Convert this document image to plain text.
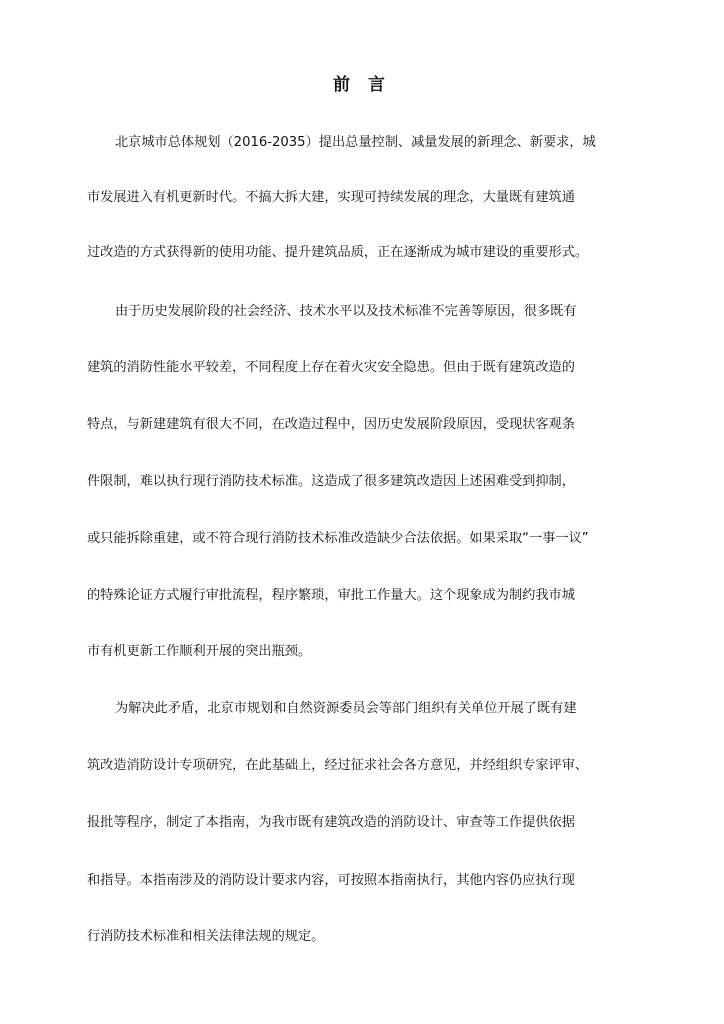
前 言
北京城市总体规划（2016-2035）提出总量控制、减量发展的新理念、新要求，城
市发展进入有机更新时代。不搞大拆大建，实现可持续发展的理念，大量既有建筑通
过改造的方式获得新的使用功能、提升建筑品质，正在逐渐成为城市建设的重要形式。
由于历史发展阶段的社会经济、技术水平以及技术标准不完善等原因，很多既有
建筑的消防性能水平较差，不同程度上存在着火灾安全隐患。但由于既有建筑改造的
特点，与新建建筑有很大不同，在改造过程中，因历史发展阶段原因，受现状客观条
件限制，难以执行现行消防技术标准。这造成了很多建筑改造因上述困难受到抑制，
或只能拆除重建，或不符合现行消防技术标准改造缺少合法依据。如果采取“一事一议”
的特殊论证方式履行审批流程，程序繁琐，审批工作量大。这个现象成为制约我市城
市有机更新工作顺利开展的突出瓶颈。
为解决此矛盾，北京市规划和自然资源委员会等部门组织有关单位开展了既有建
筑改造消防设计专项研究，在此基础上，经过征求社会各方意见，并经组织专家评审、
报批等程序，制定了本指南，为我市既有建筑改造的消防设计、审查等工作提供依据
和指导。本指南涉及的消防设计要求内容，可按照本指南执行，其他内容仍应执行现
行消防技术标准和相关法律法规的规定。
